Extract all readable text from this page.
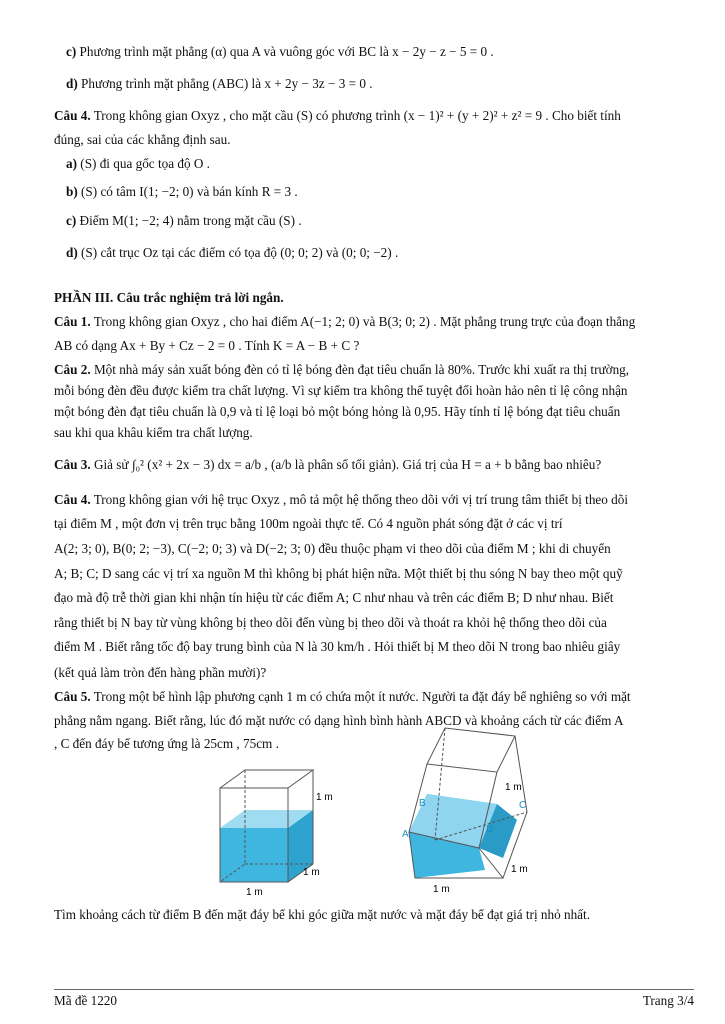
c) Phương trình mặt phẳng (α) qua A và vuông góc với BC là x − 2y − z − 5 = 0 .
d) Phương trình mặt phẳng (ABC) là x + 2y − 3z − 3 = 0 .
Câu 4. Trong không gian Oxyz , cho mặt cầu (S) có phương trình (x − 1)² + (y + 2)² + z² = 9 . Cho biết tính
đúng, sai của các khẳng định sau.
a) (S) đi qua gốc tọa độ O .
b) (S) có tâm I(1; −2; 0) và bán kính R = 3 .
c) Điểm M(1; −2; 4) nằm trong mặt cầu (S) .
d) (S) cắt trục Oz tại các điểm có tọa độ (0; 0; 2) và (0; 0; −2) .
PHẦN III. Câu trắc nghiệm trả lời ngắn.
Câu 1. Trong không gian Oxyz , cho hai điểm A(−1; 2; 0) và B(3; 0; 2) . Mặt phẳng trung trực của đoạn thẳng
AB có dạng Ax + By + Cz − 2 = 0 . Tính K = A − B + C ?
Câu 2. Một nhà máy sản xuất bóng đèn có tỉ lệ bóng đèn đạt tiêu chuẩn là 80%. Trước khi xuất ra thị trường,
mỗi bóng đèn đều được kiểm tra chất lượng. Vì sự kiểm tra không thể tuyệt đối hoàn hảo nên tỉ lệ công nhận
một bóng đèn đạt tiêu chuẩn là 0,9 và tỉ lệ loại bỏ một bóng hỏng là 0,95. Hãy tính tỉ lệ bóng đạt tiêu chuẩn
sau khi qua khâu kiểm tra chất lượng.
Câu 3. Giả sử ∫₀² (x² + 2x − 3) dx = a/b , (a/b là phân số tối giản). Giá trị của H = a + b bằng bao nhiêu?
Câu 4. Trong không gian với hệ trục Oxyz , mô tả một hệ thống theo dõi với vị trí trung tâm thiết bị theo dõi
tại điểm M , một đơn vị trên trục bằng 100m ngoài thực tế. Có 4 nguồn phát sóng đặt ở các vị trí
A(2; 3; 0), B(0; 2; −3), C(−2; 0; 3) và D(−2; 3; 0) đều thuộc phạm vi theo dõi của điểm M ; khi di chuyển
A; B; C; D sang các vị trí xa nguồn M thì không bị phát hiện nữa. Một thiết bị thu sóng N bay theo một quỹ
đạo mà độ trễ thời gian khi nhận tín hiệu từ các điểm A; C như nhau và trên các điểm B; D như nhau. Biết
rằng thiết bị N bay từ vùng không bị theo dõi đến vùng bị theo dõi và thoát ra khỏi hệ thống theo dõi của
điểm M . Biết rằng tốc độ bay trung bình của N là 30 km/h . Hỏi thiết bị M theo dõi N trong bao nhiêu giây
(kết quả làm tròn đến hàng phần mười)?
Câu 5. Trong một bể hình lập phương cạnh 1 m có chứa một ít nước. Người ta đặt đáy bể nghiêng so với mặt
phẳng nằm ngang. Biết rằng, lúc đó mặt nước có dạng hình bình hành ABCD và khoảng cách từ các điểm A
, C đến đáy bể tương ứng là 25cm , 75cm .
1 m
1 m
1 m
B
A
C
D
1 m
1 m
1 m
Tìm khoảng cách từ điểm B đến mặt đáy bể khi góc giữa mặt nước và mặt đáy bể đạt giá trị nhỏ nhất.
Mã đề 1220	Trang 3/4
